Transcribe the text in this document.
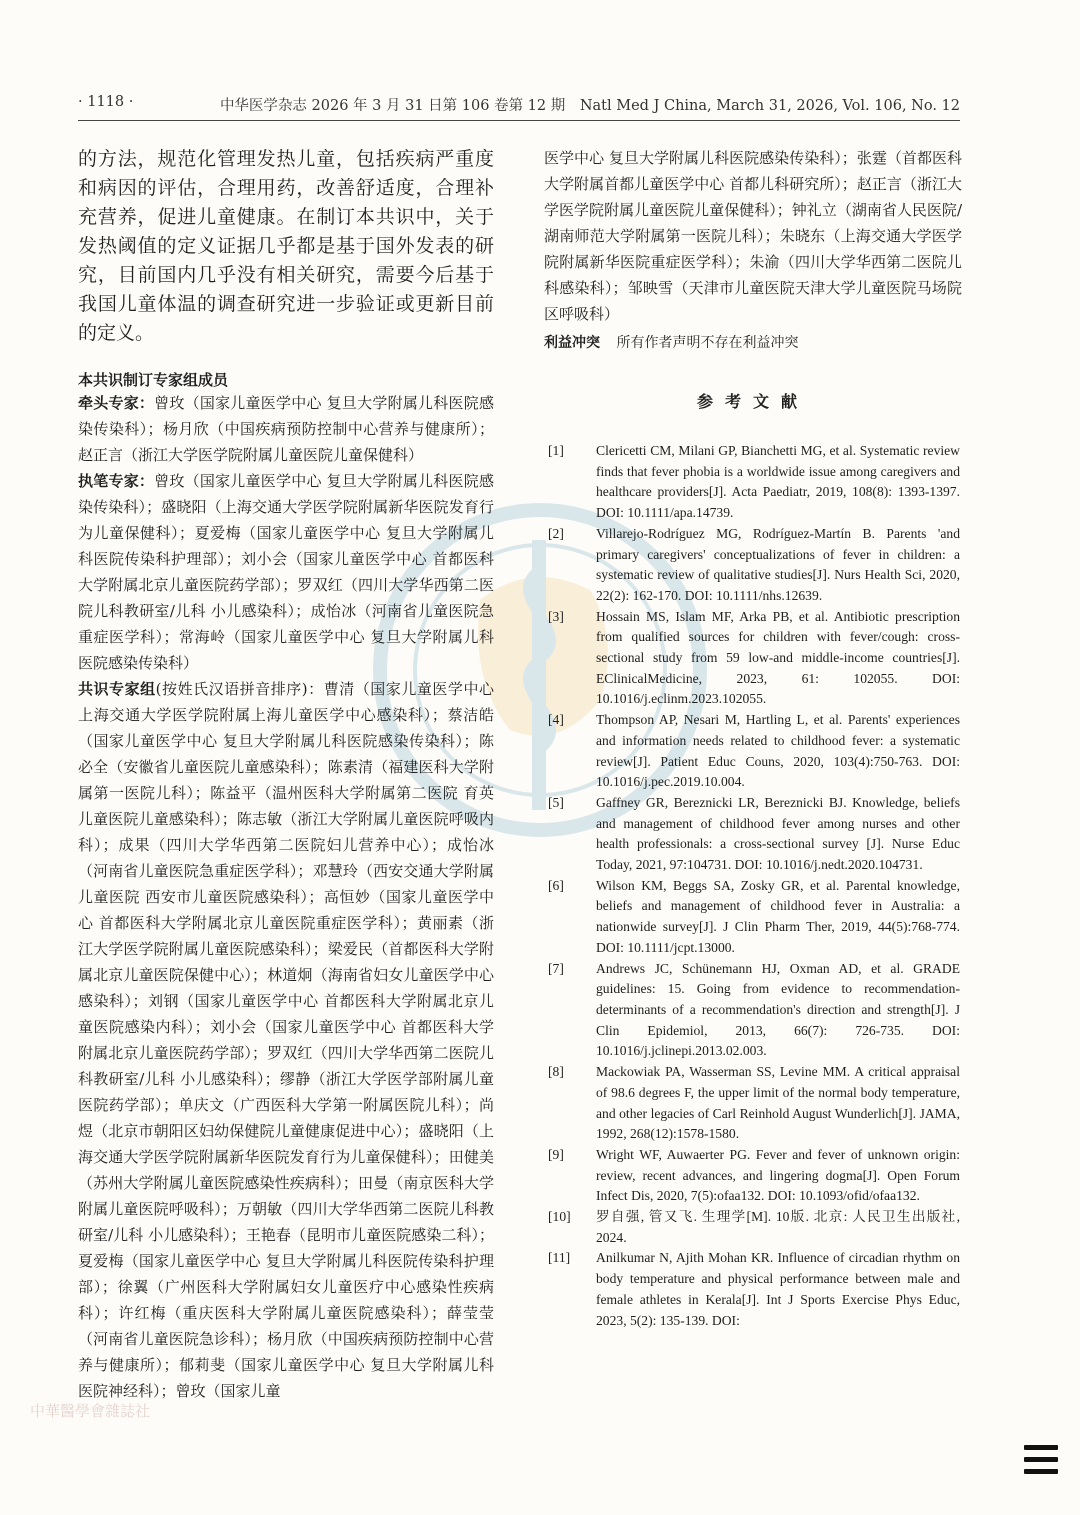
· 1118 ·	中华医学杂志 2026 年 3 月 31 日第 106 卷第 12 期 Natl Med J China, March 31, 2026, Vol. 106, No. 12

的方法，规范化管理发热儿童，包括疾病严重度和病因的评估，合理用药，改善舒适度，合理补充营养，促进儿童健康。在制订本共识中，关于发热阈值的定义证据几乎都是基于国外发表的研究，目前国内几乎没有相关研究，需要今后基于我国儿童体温的调查研究进一步验证或更新目前的定义。

本共识制订专家组成员

牵头专家：曾玫（国家儿童医学中心 复旦大学附属儿科医院感染传染科）；杨月欣（中国疾病预防控制中心营养与健康所）；赵正言（浙江大学医学院附属儿童医院儿童保健科）

执笔专家：曾玫（国家儿童医学中心 复旦大学附属儿科医院感染传染科）；盛晓阳（上海交通大学医学院附属新华医院发育行为儿童保健科）；夏爱梅（国家儿童医学中心 复旦大学附属儿科医院传染科护理部）；刘小会（国家儿童医学中心 首都医科大学附属北京儿童医院药学部）；罗双红（四川大学华西第二医院儿科教研室/儿科 小儿感染科）；成怡冰（河南省儿童医院急重症医学科）；常海岭（国家儿童医学中心 复旦大学附属儿科医院感染传染科）

共识专家组(按姓氏汉语拼音排序)：曹清（国家儿童医学中心 上海交通大学医学院附属上海儿童医学中心感染科）；蔡洁皓（国家儿童医学中心 复旦大学附属儿科医院感染传染科）；陈必全（安徽省儿童医院儿童感染科）；陈素清（福建医科大学附属第一医院儿科）；陈益平（温州医科大学附属第二医院 育英儿童医院儿童感染科）；陈志敏（浙江大学附属儿童医院呼吸内科）；成果（四川大学华西第二医院妇儿营养中心）；成怡冰（河南省儿童医院急重症医学科）；邓慧玲（西安交通大学附属儿童医院 西安市儿童医院感染科）；高恒妙（国家儿童医学中心 首都医科大学附属北京儿童医院重症医学科）；黄丽素（浙江大学医学院附属儿童医院感染科）；梁爱民（首都医科大学附属北京儿童医院保健中心）；林道炯（海南省妇女儿童医学中心感染科）；刘钢（国家儿童医学中心 首都医科大学附属北京儿童医院感染内科）；刘小会（国家儿童医学中心 首都医科大学附属北京儿童医院药学部）；罗双红（四川大学华西第二医院儿科教研室/儿科 小儿感染科）；缪静（浙江大学医学部附属儿童医院药学部）；单庆文（广西医科大学第一附属医院儿科）；尚煜（北京市朝阳区妇幼保健院儿童健康促进中心）；盛晓阳（上海交通大学医学院附属新华医院发育行为儿童保健科）；田健美（苏州大学附属儿童医院感染性疾病科）；田曼（南京医科大学附属儿童医院呼吸科）；万朝敏（四川大学华西第二医院儿科教研室/儿科 小儿感染科）；王艳春（昆明市儿童医院感染二科）；夏爱梅（国家儿童医学中心 复旦大学附属儿科医院传染科护理部）；徐翼（广州医科大学附属妇女儿童医疗中心感染性疾病科）；许红梅（重庆医科大学附属儿童医院感染科）；薛莹莹（河南省儿童医院急诊科）；杨月欣（中国疾病预防控制中心营养与健康所）；郁莉斐（国家儿童医学中心 复旦大学附属儿科医院神经科）；曾玫（国家儿童

医学中心 复旦大学附属儿科医院感染传染科）；张霆（首都医科大学附属首都儿童医学中心 首都儿科研究所）；赵正言（浙江大学医学院附属儿童医院儿童保健科）；钟礼立（湖南省人民医院/湖南师范大学附属第一医院儿科）；朱晓东（上海交通大学医学院附属新华医院重症医学科）；朱渝（四川大学华西第二医院儿科感染科）；邹映雪（天津市儿童医院天津大学儿童医院马场院区呼吸科）

利益冲突 所有作者声明不存在利益冲突
参考文献
[1]	Clericetti CM, Milani GP, Bianchetti MG, et al. Systematic review finds that fever phobia is a worldwide issue among caregivers and healthcare providers[J]. Acta Paediatr, 2019, 108(8): 1393-1397. DOI: 10.1111/apa.14739.
[2]	Villarejo-Rodríguez MG, Rodríguez-Martín B. Parents 'and primary caregivers' conceptualizations of fever in children: a systematic review of qualitative studies[J]. Nurs Health Sci, 2020, 22(2): 162-170. DOI: 10.1111/nhs.12639.
[3]	Hossain MS, Islam MF, Arka PB, et al. Antibiotic prescription from qualified sources for children with fever/cough: cross-sectional study from 59 low-and middle-income countries[J]. EClinicalMedicine, 2023, 61: 102055. DOI: 10.1016/j.eclinm.2023.102055.
[4]	Thompson AP, Nesari M, Hartling L, et al. Parents' experiences and information needs related to childhood fever: a systematic review[J]. Patient Educ Couns, 2020, 103(4):750-763. DOI: 10.1016/j.pec.2019.10.004.
[5]	Gaffney GR, Bereznicki LR, Bereznicki BJ. Knowledge, beliefs and management of childhood fever among nurses and other health professionals: a cross-sectional survey [J]. Nurse Educ Today, 2021, 97:104731. DOI: 10.1016/j.nedt.2020.104731.
[6]	Wilson KM, Beggs SA, Zosky GR, et al. Parental knowledge, beliefs and management of childhood fever in Australia: a nationwide survey[J]. J Clin Pharm Ther, 2019, 44(5):768-774. DOI: 10.1111/jcpt.13000.
[7]	Andrews JC, Schünemann HJ, Oxman AD, et al. GRADE guidelines: 15. Going from evidence to recommendation-determinants of a recommendation's direction and strength[J]. J Clin Epidemiol, 2013, 66(7): 726-735. DOI: 10.1016/j.jclinepi.2013.02.003.
[8]	Mackowiak PA, Wasserman SS, Levine MM. A critical appraisal of 98.6 degrees F, the upper limit of the normal body temperature, and other legacies of Carl Reinhold August Wunderlich[J]. JAMA, 1992, 268(12):1578-1580.
[9]	Wright WF, Auwaerter PG. Fever and fever of unknown origin: review, recent advances, and lingering dogma[J]. Open Forum Infect Dis, 2020, 7(5):ofaa132. DOI: 10.1093/ofid/ofaa132.
[10]	罗自强, 管又飞. 生理学[M]. 10版. 北京: 人民卫生出版社, 2024.
[11]	Anilkumar N, Ajith Mohan KR. Influence of circadian rhythm on body temperature and physical performance between male and female athletes in Kerala[J]. Int J Sports Exercise Phys Educ, 2023, 5(2): 135-139. DOI:
中華醫學會雜誌社
